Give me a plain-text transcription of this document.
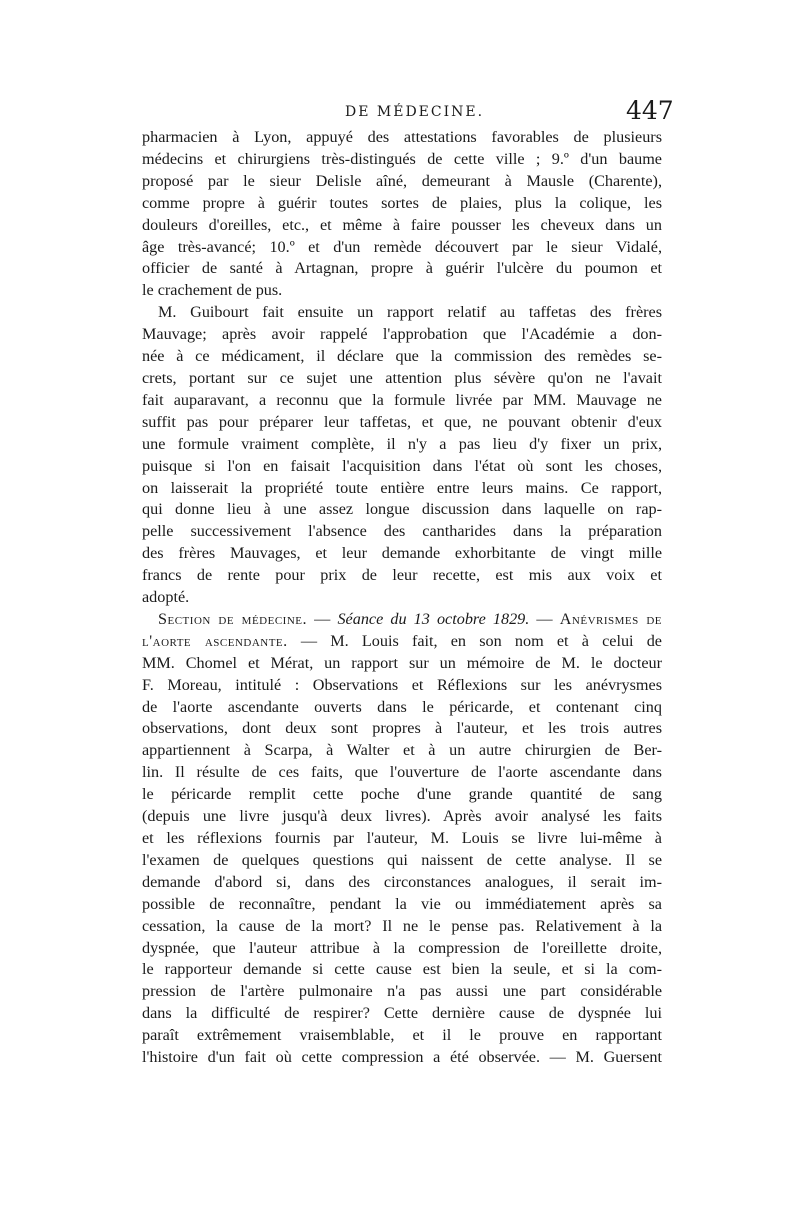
DE MÉDECINE.	447

pharmacien à Lyon, appuyé des attestations favorables de plusieurs

médecins et chirurgiens très-distingués de cette ville ; 9.º d'un baume

proposé par le sieur Delisle aîné, demeurant à Mausle (Charente),

comme propre à guérir toutes sortes de plaies, plus la colique, les

douleurs d'oreilles, etc., et même à faire pousser les cheveux dans un

âge très-avancé; 10.º et d'un remède découvert par le sieur Vidalé,

officier de santé à Artagnan, propre à guérir l'ulcère du poumon et

le crachement de pus.

M. Guibourt fait ensuite un rapport relatif au taffetas des frères

Mauvage; après avoir rappelé l'approbation que l'Académie a don-

née à ce médicament, il déclare que la commission des remèdes se-

crets, portant sur ce sujet une attention plus sévère qu'on ne l'avait

fait auparavant, a reconnu que la formule livrée par MM. Mauvage ne

suffit pas pour préparer leur taffetas, et que, ne pouvant obtenir d'eux

une formule vraiment complète, il n'y a pas lieu d'y fixer un prix,

puisque si l'on en faisait l'acquisition dans l'état où sont les choses,

on laisserait la propriété toute entière entre leurs mains. Ce rapport,

qui donne lieu à une assez longue discussion dans laquelle on rap-

pelle successivement l'absence des cantharides dans la préparation

des frères Mauvages, et leur demande exhorbitante de vingt mille

francs de rente pour prix de leur recette, est mis aux voix et

adopté.

Section de médecine. — Séance du 13 octobre 1829. — Anévrismes de l'aorte ascendante. — M. Louis fait, en son nom et à celui de

MM. Chomel et Mérat, un rapport sur un mémoire de M. le docteur

F. Moreau, intitulé : Observations et Réflexions sur les anévrysmes

de l'aorte ascendante ouverts dans le péricarde, et contenant cinq

observations, dont deux sont propres à l'auteur, et les trois autres

appartiennent à Scarpa, à Walter et à un autre chirurgien de Ber-

lin. Il résulte de ces faits, que l'ouverture de l'aorte ascendante dans

le péricarde remplit cette poche d'une grande quantité de sang

(depuis une livre jusqu'à deux livres). Après avoir analysé les faits

et les réflexions fournis par l'auteur, M. Louis se livre lui-même à

l'examen de quelques questions qui naissent de cette analyse. Il se

demande d'abord si, dans des circonstances analogues, il serait im-

possible de reconnaître, pendant la vie ou immédiatement après sa

cessation, la cause de la mort? Il ne le pense pas. Relativement à la

dyspnée, que l'auteur attribue à la compression de l'oreillette droite,

le rapporteur demande si cette cause est bien la seule, et si la com-

pression de l'artère pulmonaire n'a pas aussi une part considérable

dans la difficulté de respirer? Cette dernière cause de dyspnée lui

paraît extrêmement vraisemblable, et il le prouve en rapportant

l'histoire d'un fait où cette compression a été observée. — M. Guersent
